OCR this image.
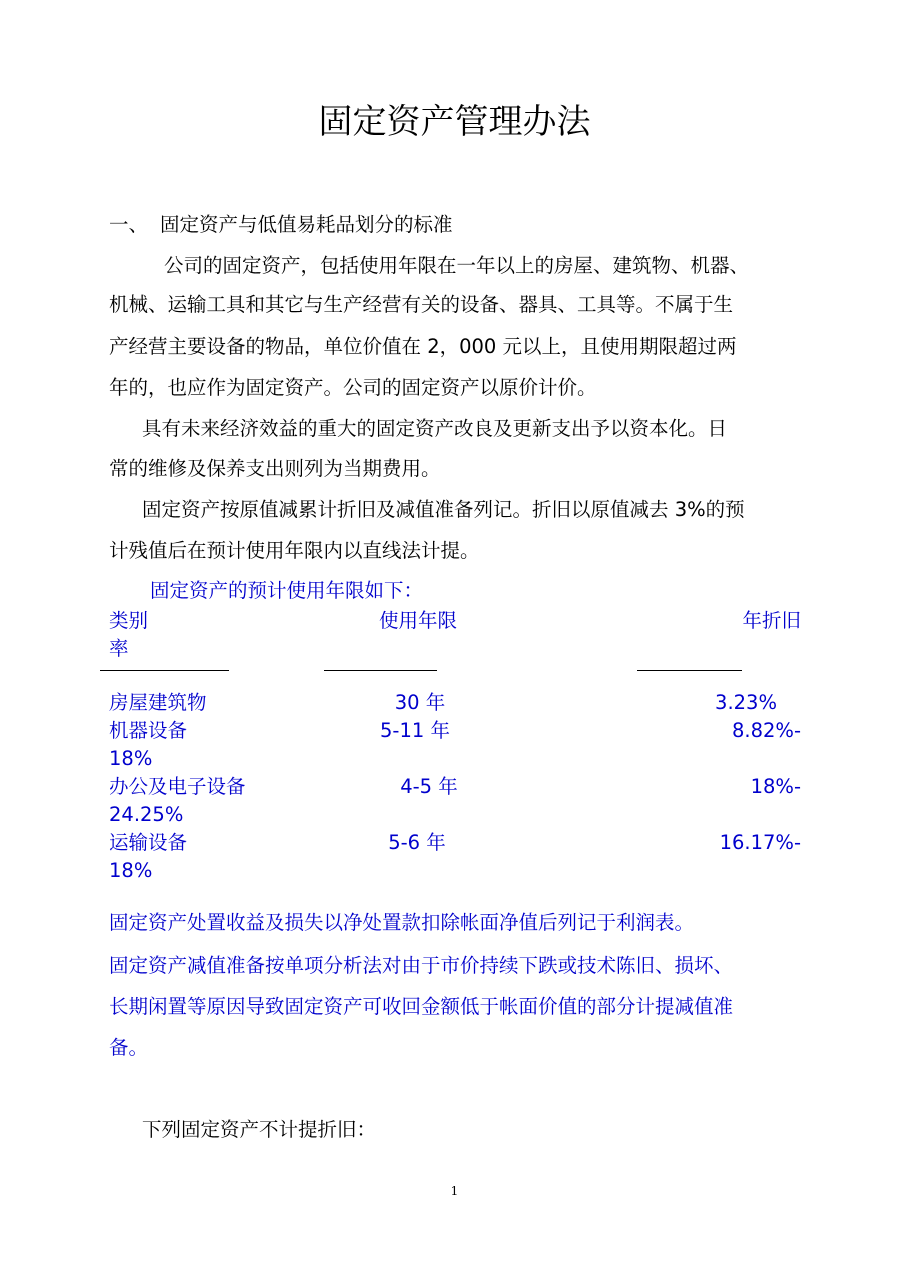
固定资产管理办法
一、 固定资产与低值易耗品划分的标准
公司的固定资产，包括使用年限在一年以上的房屋、建筑物、机器、
机械、运输工具和其它与生产经营有关的设备、器具、工具等。不属于生
产经营主要设备的物品，单位价值在 2，000 元以上，且使用期限超过两
年的，也应作为固定资产。公司的固定资产以原价计价。
具有未来经济效益的重大的固定资产改良及更新支出予以资本化。日
常的维修及保养支出则列为当期费用。
固定资产按原值减累计折旧及减值准备列记。折旧以原值减去 3%的预
计残值后在预计使用年限内以直线法计提。
固定资产的预计使用年限如下：
类别	使用年限	年折旧
率
房屋建筑物	30 年	3.23%
机器设备	5-11 年	8.82%-
18%
办公及电子设备	4-5 年	18%-
24.25%
运输设备	5-6 年	16.17%-
18%
固定资产处置收益及损失以净处置款扣除帐面净值后列记于利润表。
固定资产减值准备按单项分析法对由于市价持续下跌或技术陈旧、损坏、
长期闲置等原因导致固定资产可收回金额低于帐面价值的部分计提减值准
备。
下列固定资产不计提折旧：
1
